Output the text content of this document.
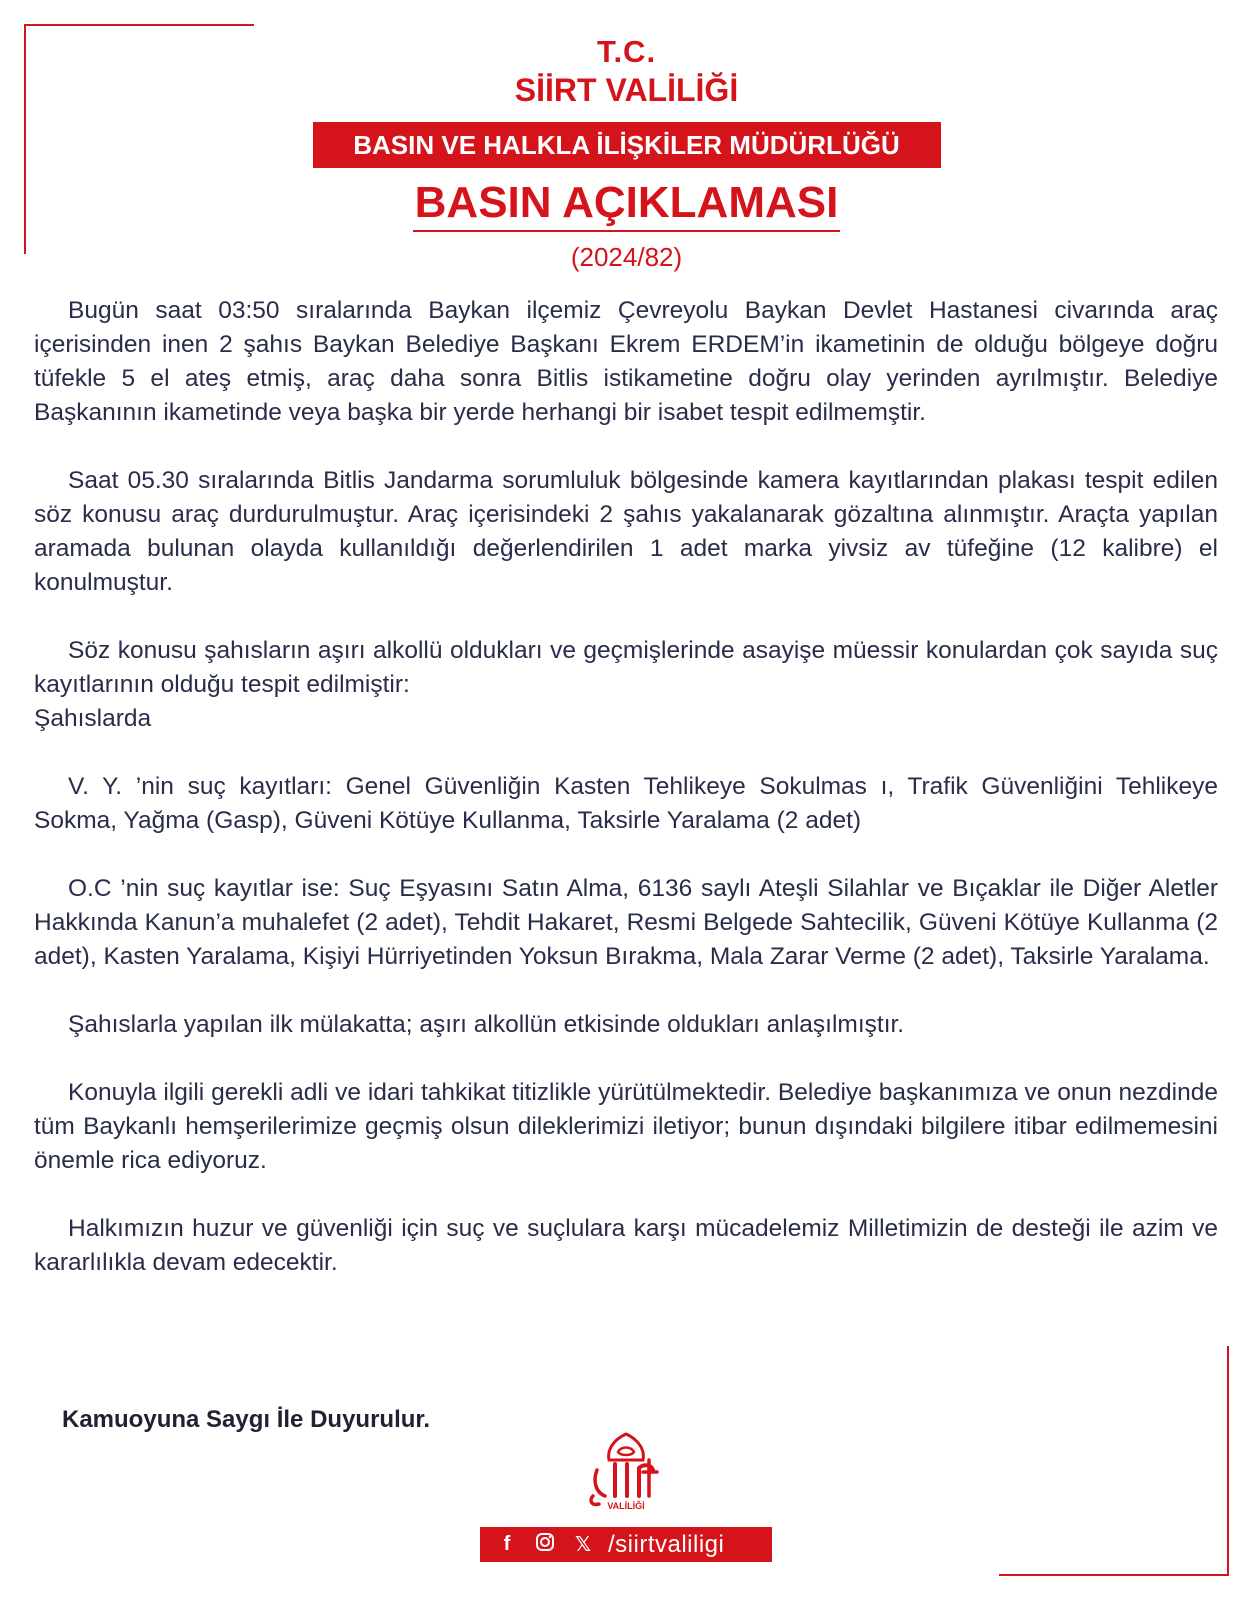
T.C.
SİİRT VALİLİĞİ
BASIN VE HALKLA İLİŞKİLER MÜDÜRLÜĞÜ
BASIN AÇIKLAMASI
(2024/82)

Bugün saat 03:50 sıralarında Baykan ilçemiz Çevreyolu Baykan Devlet Hastanesi civarında araç içerisinden inen 2 şahıs Baykan Belediye Başkanı Ekrem ERDEM’in ikametinin de olduğu bölgeye doğru tüfekle 5 el ateş etmiş, araç daha sonra Bitlis istikametine doğru olay yerinden ayrılmıştır. Belediye Başkanının ikametinde veya başka bir yerde herhangi bir isabet tespit edilmemştir.

Saat 05.30 sıralarında Bitlis Jandarma sorumluluk bölgesinde kamera kayıtlarından plakası tespit edilen söz konusu araç durdurulmuştur. Araç içerisindeki 2 şahıs yakalanarak gözaltına alınmıştır. Araçta yapılan aramada bulunan olayda kullanıldığı değerlendirilen 1 adet marka yivsiz av tüfeğine (12 kalibre) el konulmuştur.

Söz konusu şahısların aşırı alkollü oldukları ve geçmişlerinde asayişe müessir konulardan çok sayıda suç kayıtlarının olduğu tespit edilmiştir:

Şahıslarda

V. Y. ’nin suç kayıtları: Genel Güvenliğin Kasten Tehlikeye Sokulmas ı, Trafik Güvenliğini Tehlikeye Sokma, Yağma (Gasp), Güveni Kötüye Kullanma, Taksirle Yaralama (2 adet)

O.C ’nin suç kayıtlar ise: Suç Eşyasını Satın Alma, 6136 saylı Ateşli Silahlar ve Bıçaklar ile Diğer Aletler Hakkında Kanun’a muhalefet (2 adet), Tehdit Hakaret, Resmi Belgede Sahtecilik, Güveni Kötüye Kullanma (2 adet), Kasten Yaralama, Kişiyi Hürriyetinden Yoksun Bırakma, Mala Zarar Verme (2 adet), Taksirle Yaralama.

Şahıslarla yapılan ilk mülakatta; aşırı alkollün etkisinde oldukları anlaşılmıştır.

Konuyla ilgili gerekli adli ve idari tahkikat titizlikle yürütülmektedir. Belediye başkanımıza ve onun nezdinde tüm Baykanlı hemşerilerimize geçmiş olsun dileklerimizi iletiyor; bunun dışındaki bilgilere itibar edilmemesini önemle rica ediyoruz.

Halkımızın huzur ve güvenliği için suç ve suçlulara karşı mücadelemiz Milletimizin de desteği ile azim ve kararlılıkla devam edecektir.

Kamuoyuna Saygı İle Duyurulur.
VALİLİĞİ
f	𝕏 /siirtvaliligi
